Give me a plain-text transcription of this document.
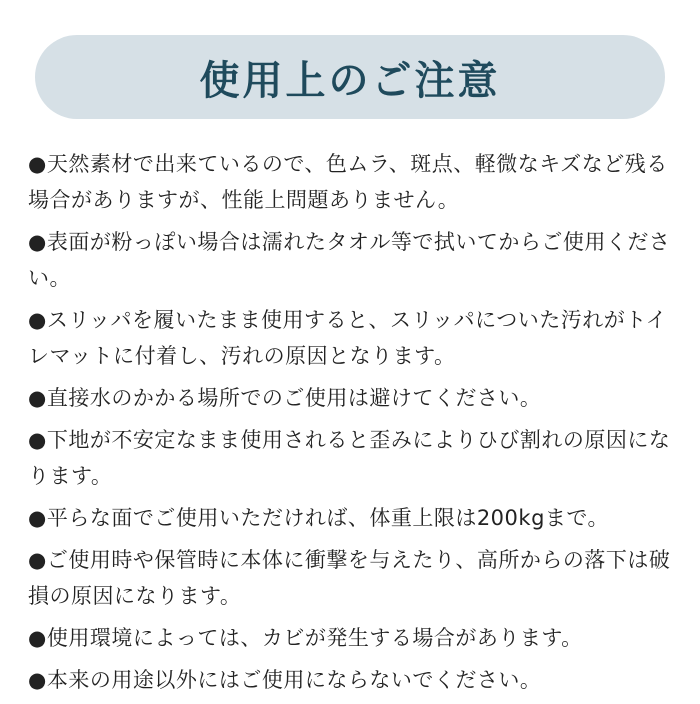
使用上のご注意
●天然素材で出来ているので、色ムラ、斑点、軽微なキズなど残る場合がありますが、性能上問題ありません。
●表面が粉っぽい場合は濡れたタオル等で拭いてからご使用ください。
●スリッパを履いたまま使用すると、スリッパについた汚れがトイレマットに付着し、汚れの原因となります。
●直接水のかかる場所でのご使用は避けてください。
●下地が不安定なまま使用されると歪みによりひび割れの原因になります。
●平らな面でご使用いただければ、体重上限は200kgまで。
●ご使用時や保管時に本体に衝撃を与えたり、高所からの落下は破損の原因になります。
●使用環境によっては、カビが発生する場合があります。
●本来の用途以外にはご使用にならないでください。
